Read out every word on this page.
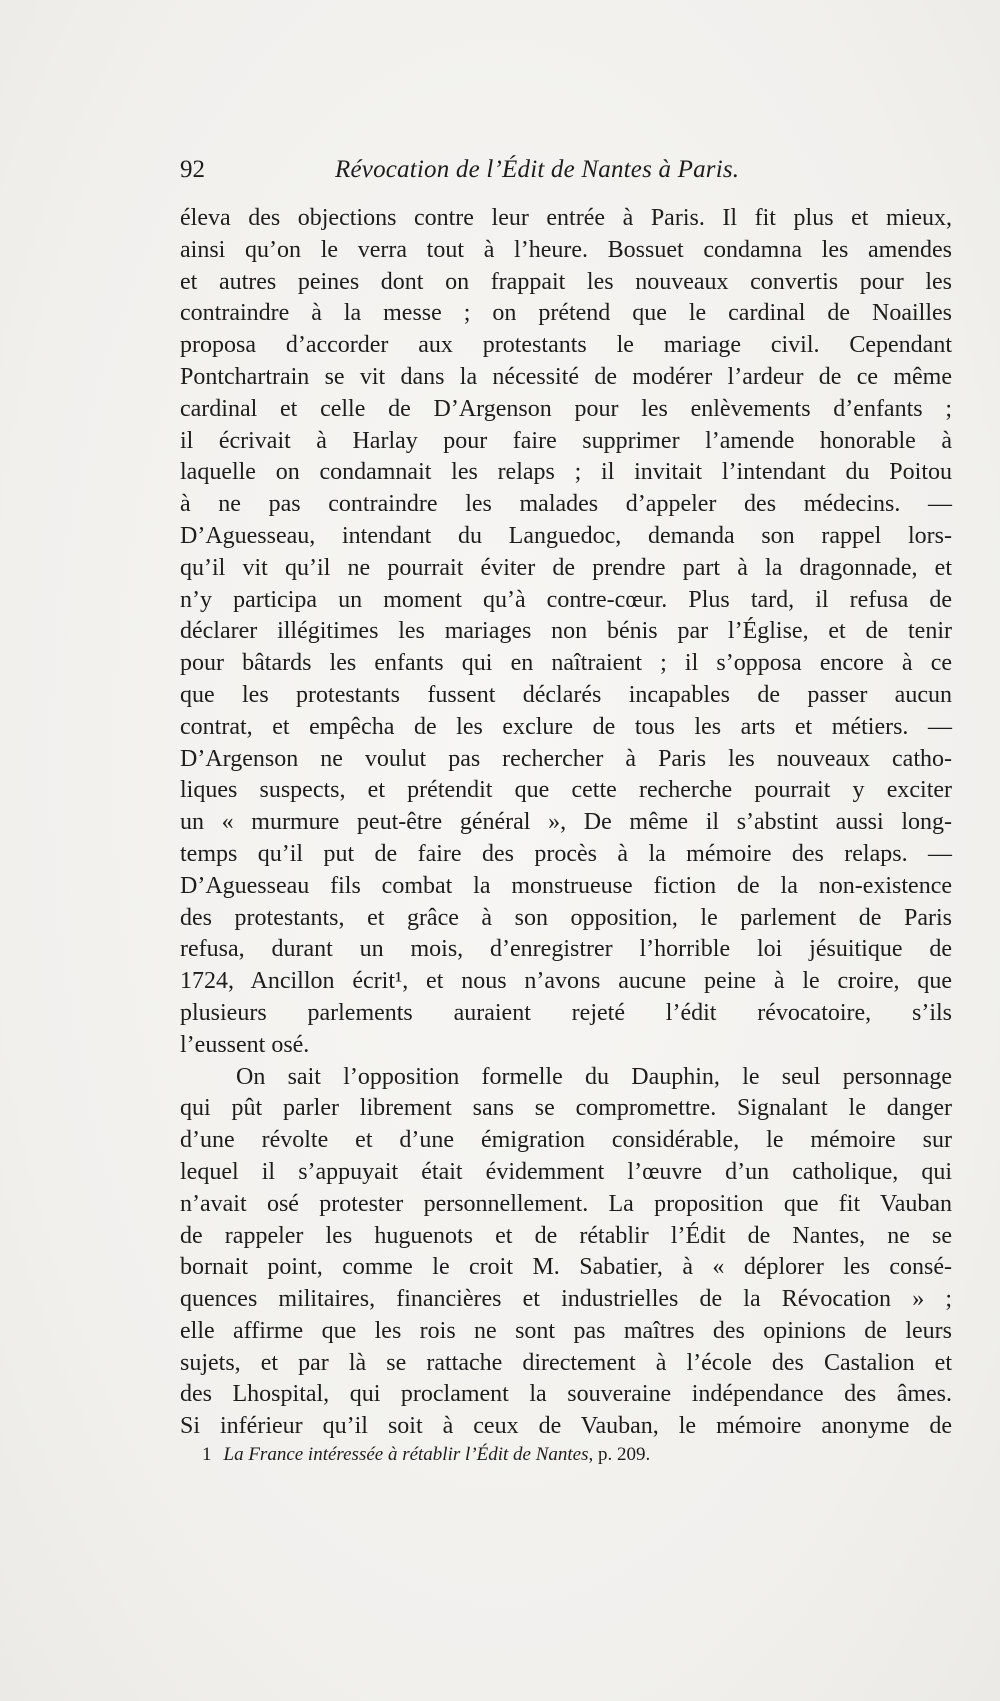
92	Révocation de l’Édit de Nantes à Paris.
éleva des objections contre leur entrée à Paris. Il fit plus et mieux,
ainsi qu’on le verra tout à l’heure. Bossuet condamna les amendes
et autres peines dont on frappait les nouveaux convertis pour les
contraindre à la messe ; on prétend que le cardinal de Noailles
proposa d’accorder aux protestants le mariage civil. Cependant
Pontchartrain se vit dans la nécessité de modérer l’ardeur de ce même
cardinal et celle de D’Argenson pour les enlèvements d’enfants ;
il écrivait à Harlay pour faire supprimer l’amende honorable à
laquelle on condamnait les relaps ; il invitait l’intendant du Poitou
à ne pas contraindre les malades d’appeler des médecins. —
D’Aguesseau, intendant du Languedoc, demanda son rappel lors-
qu’il vit qu’il ne pourrait éviter de prendre part à la dragonnade, et
n’y participa un moment qu’à contre-cœur. Plus tard, il refusa de
déclarer illégitimes les mariages non bénis par l’Église, et de tenir
pour bâtards les enfants qui en naîtraient ; il s’opposa encore à ce
que les protestants fussent déclarés incapables de passer aucun
contrat, et empêcha de les exclure de tous les arts et métiers. —
D’Argenson ne voulut pas rechercher à Paris les nouveaux catho-
liques suspects, et prétendit que cette recherche pourrait y exciter
un « murmure peut-être général », De même il s’abstint aussi long-
temps qu’il put de faire des procès à la mémoire des relaps. —
D’Aguesseau fils combat la monstrueuse fiction de la non-existence
des protestants, et grâce à son opposition, le parlement de Paris
refusa, durant un mois, d’enregistrer l’horrible loi jésuitique de
1724, Ancillon écrit¹, et nous n’avons aucune peine à le croire, que
plusieurs parlements auraient rejeté l’édit révocatoire, s’ils
l’eussent osé.
On sait l’opposition formelle du Dauphin, le seul personnage
qui pût parler librement sans se compromettre. Signalant le danger
d’une révolte et d’une émigration considérable, le mémoire sur
lequel il s’appuyait était évidemment l’œuvre d’un catholique, qui
n’avait osé protester personnellement. La proposition que fit Vauban
de rappeler les huguenots et de rétablir l’Édit de Nantes, ne se
bornait point, comme le croit M. Sabatier, à « déplorer les consé-
quences militaires, financières et industrielles de la Révocation » ;
elle affirme que les rois ne sont pas maîtres des opinions de leurs
sujets, et par là se rattache directement à l’école des Castalion et
des Lhospital, qui proclament la souveraine indépendance des âmes.
Si inférieur qu’il soit à ceux de Vauban, le mémoire anonyme de
1 La France intéressée à rétablir l’Édit de Nantes, p. 209.
